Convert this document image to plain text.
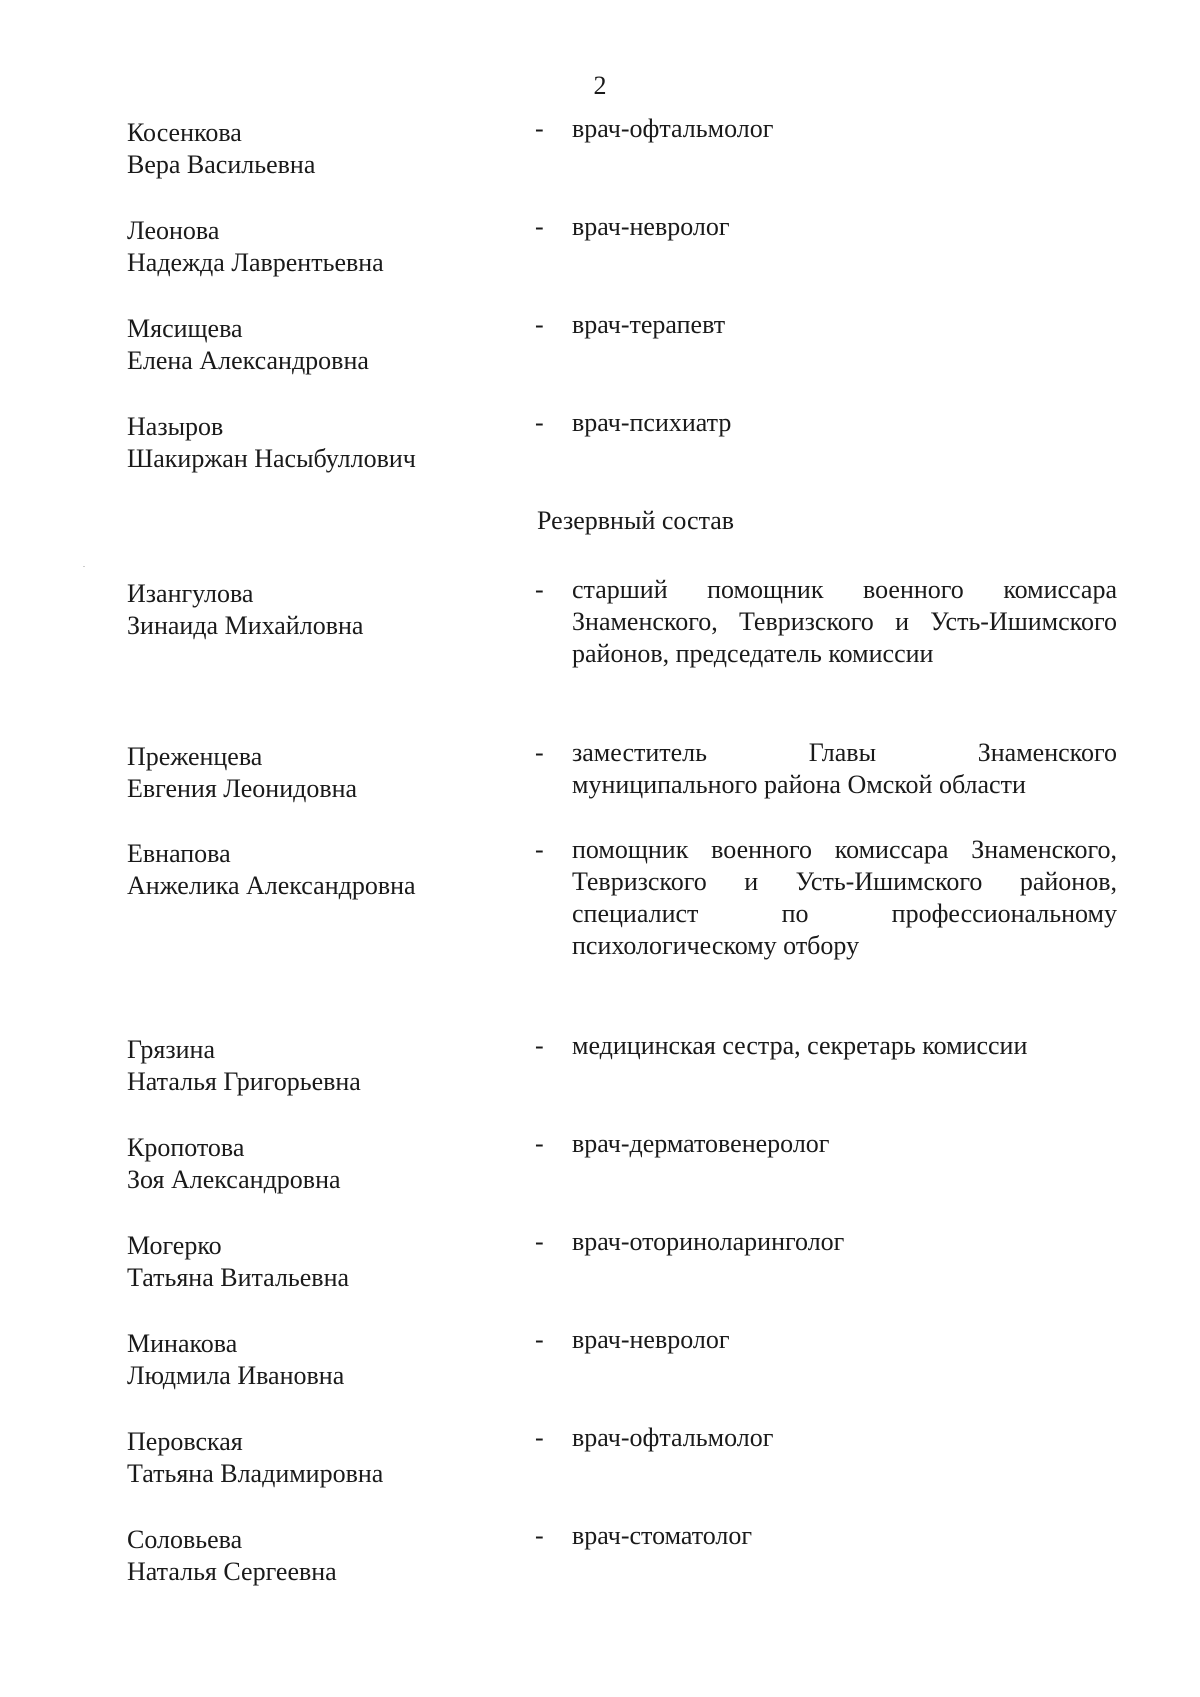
2
Косенкова
Вера Васильевна
- врач-офтальмолог
Леонова
Надежда Лаврентьевна
- врач-невролог
Мясищева
Елена Александровна
- врач-терапевт
Назыров
Шакиржан Насыбуллович
- врач-психиатр
Резервный состав
Изангулова
Зинаида Михайловна
- старший помощник военного комиссара Знаменского, Тевризского и Усть-Ишимского районов, председатель комиссии
Преженцева
Евгения Леонидовна
- заместитель Главы Знаменского муниципального района Омской области
Евнапова
Анжелика Александровна
- помощник военного комиссара Знаменского, Тевризского и Усть-Ишимского районов, специалист по профессиональному психологическому отбору
Грязина
Наталья Григорьевна
- медицинская сестра, секретарь комиссии
Кропотова
Зоя Александровна
- врач-дерматовенеролог
Могерко
Татьяна Витальевна
- врач-оториноларинголог
Минакова
Людмила Ивановна
- врач-невролог
Перовская
Татьяна Владимировна
- врач-офтальмолог
Соловьева
Наталья Сергеевна
- врач-стоматолог
